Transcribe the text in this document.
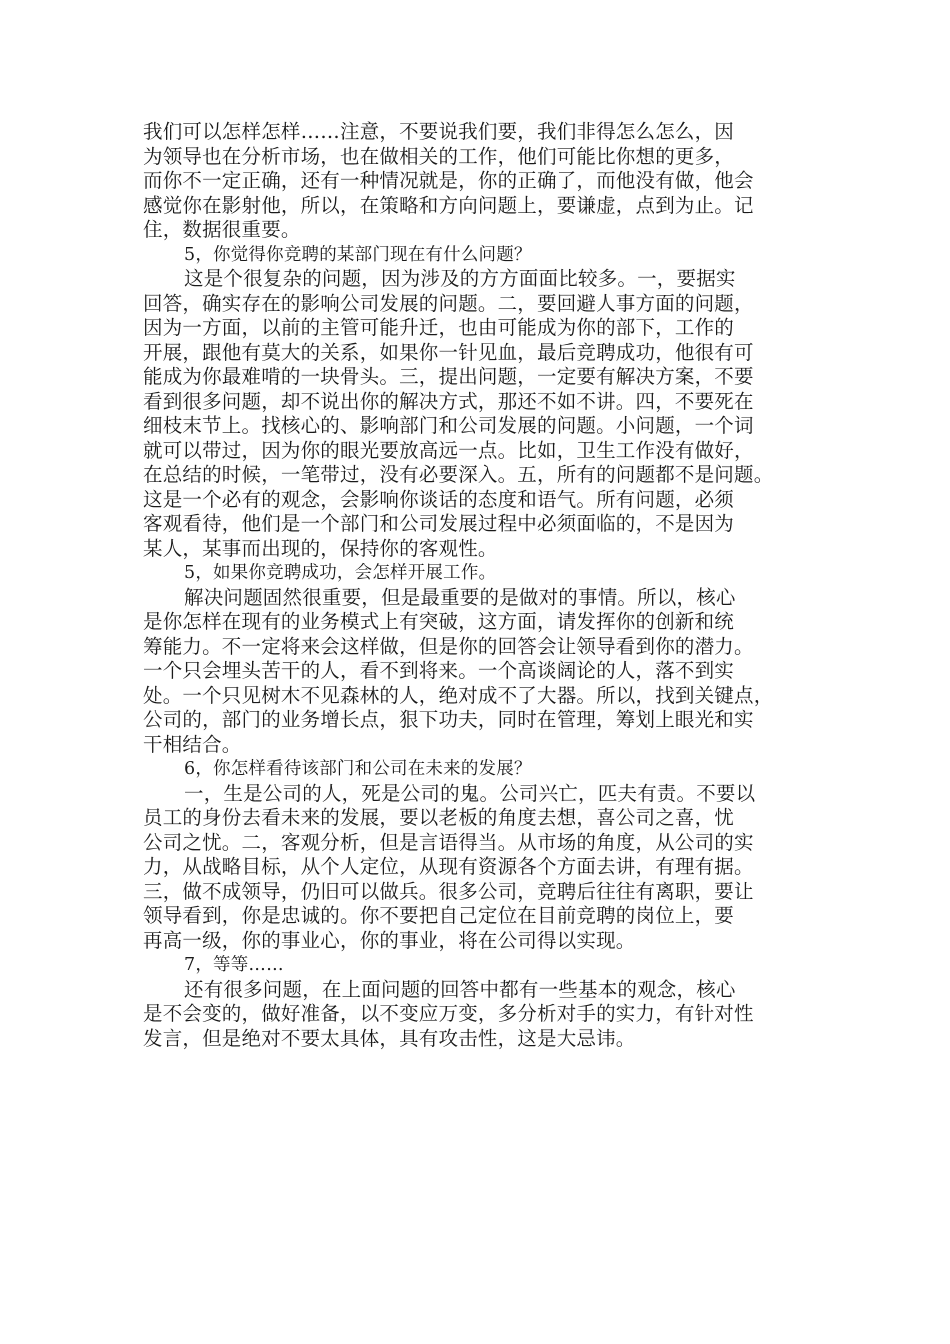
我们可以怎样怎样……注意，不要说我们要，我们非得怎么怎么，因
为领导也在分析市场，也在做相关的工作，他们可能比你想的更多，
而你不一定正确，还有一种情况就是，你的正确了，而他没有做，他会
感觉你在影射他，所以，在策略和方向问题上，要谦虚，点到为止。记
住，数据很重要。
5，你觉得你竞聘的某部门现在有什么问题？
这是个很复杂的问题，因为涉及的方方面面比较多。一，要据实
回答，确实存在的影响公司发展的问题。二，要回避人事方面的问题，
因为一方面，以前的主管可能升迁，也由可能成为你的部下，工作的
开展，跟他有莫大的关系，如果你一针见血，最后竞聘成功，他很有可
能成为你最难啃的一块骨头。三，提出问题，一定要有解决方案，不要
看到很多问题，却不说出你的解决方式，那还不如不讲。四，不要死在
细枝末节上。找核心的、影响部门和公司发展的问题。小问题，一个词
就可以带过，因为你的眼光要放高远一点。比如，卫生工作没有做好，
在总结的时候，一笔带过，没有必要深入。五，所有的问题都不是问题。
这是一个必有的观念，会影响你谈话的态度和语气。所有问题，必须
客观看待，他们是一个部门和公司发展过程中必须面临的，不是因为
某人，某事而出现的，保持你的客观性。
5，如果你竞聘成功，会怎样开展工作。
解决问题固然很重要，但是最重要的是做对的事情。所以，核心
是你怎样在现有的业务模式上有突破，这方面，请发挥你的创新和统
筹能力。不一定将来会这样做，但是你的回答会让领导看到你的潜力。
一个只会埋头苦干的人，看不到将来。一个高谈阔论的人，落不到实
处。一个只见树木不见森林的人，绝对成不了大器。所以，找到关键点，
公司的，部门的业务增长点，狠下功夫，同时在管理，筹划上眼光和实
干相结合。
6，你怎样看待该部门和公司在未来的发展？
一，生是公司的人，死是公司的鬼。公司兴亡，匹夫有责。不要以
员工的身份去看未来的发展，要以老板的角度去想，喜公司之喜，忧
公司之忧。二，客观分析，但是言语得当。从市场的角度，从公司的实
力，从战略目标，从个人定位，从现有资源各个方面去讲，有理有据。
三，做不成领导，仍旧可以做兵。很多公司，竞聘后往往有离职，要让
领导看到，你是忠诚的。你不要把自己定位在目前竞聘的岗位上，要
再高一级，你的事业心，你的事业，将在公司得以实现。
7，等等……
还有很多问题，在上面问题的回答中都有一些基本的观念，核心
是不会变的，做好准备，以不变应万变，多分析对手的实力，有针对性
发言，但是绝对不要太具体，具有攻击性，这是大忌讳。
